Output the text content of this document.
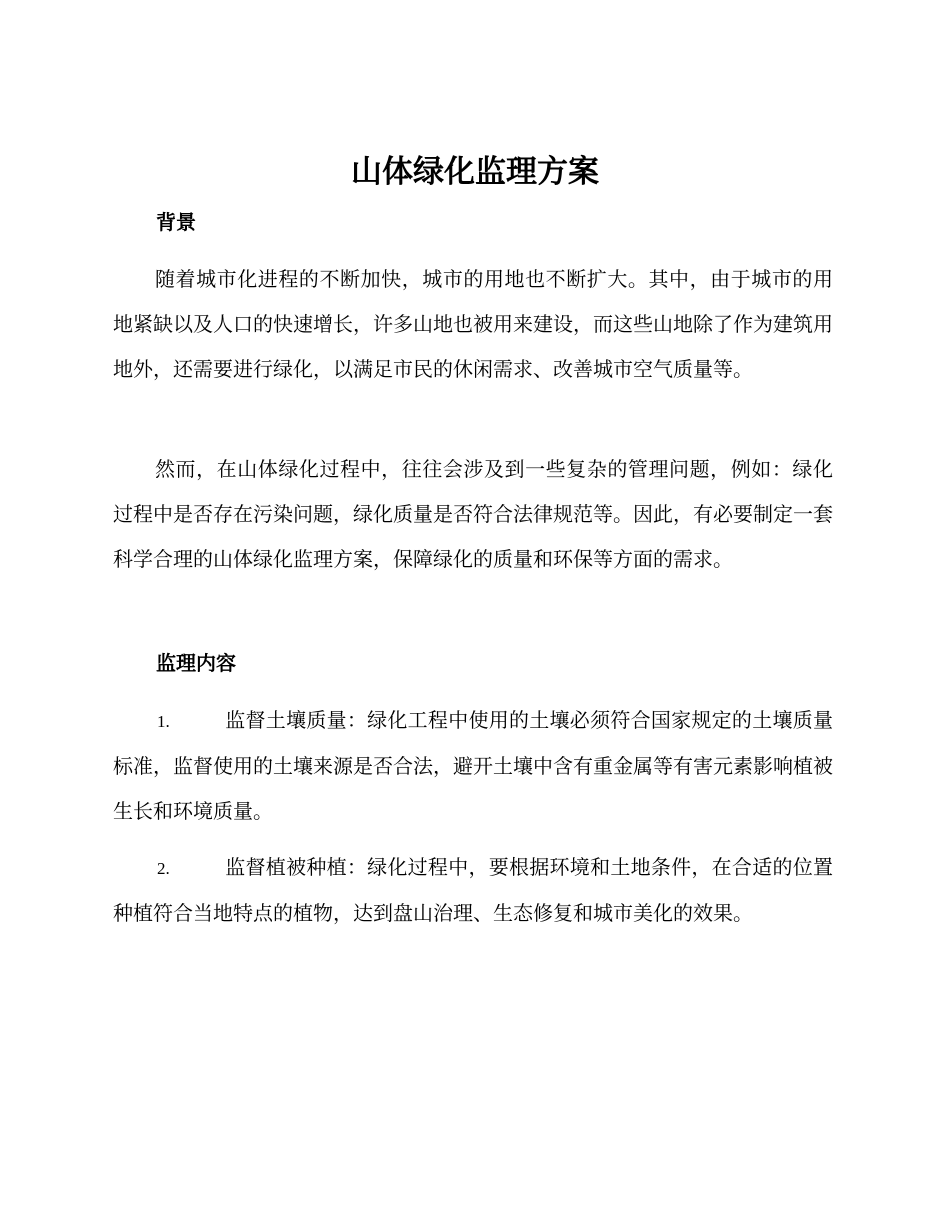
山体绿化监理方案
背景

随着城市化进程的不断加快，城市的用地也不断扩大。其中，由于城市的用地紧缺以及人口的快速增长，许多山地也被用来建设，而这些山地除了作为建筑用地外，还需要进行绿化，以满足市民的休闲需求、改善城市空气质量等。

然而，在山体绿化过程中，往往会涉及到一些复杂的管理问题，例如：绿化过程中是否存在污染问题，绿化质量是否符合法律规范等。因此，有必要制定一套科学合理的山体绿化监理方案，保障绿化的质量和环保等方面的需求。

监理内容
1.	监督土壤质量：绿化工程中使用的土壤必须符合国家规定的土壤质量标准，监督使用的土壤来源是否合法，避开土壤中含有重金属等有害元素影响植被生长和环境质量。
2.	监督植被种植：绿化过程中，要根据环境和土地条件，在合适的位置种植符合当地特点的植物，达到盘山治理、生态修复和城市美化的效果。
